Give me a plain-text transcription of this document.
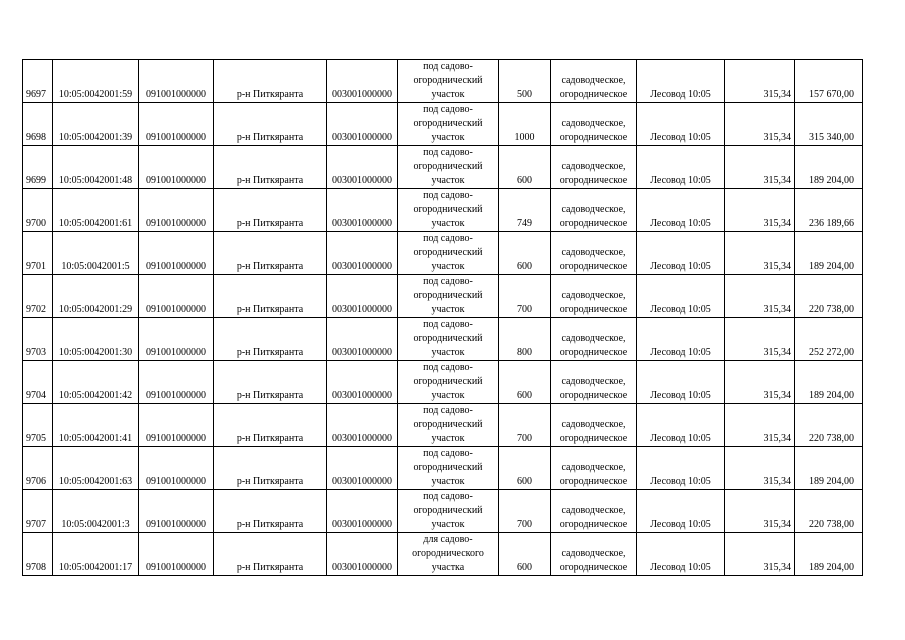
9697	10:05:0042001:59	091001000000	р-н Питкяранта	003001000000	под садово-
огороднический
участок	500	садоводческое,
огородническое	Лесовод 10:05	315,34	157 670,00
9698	10:05:0042001:39	091001000000	р-н Питкяранта	003001000000	под садово-
огороднический
участок	1000	садоводческое,
огородническое	Лесовод 10:05	315,34	315 340,00
9699	10:05:0042001:48	091001000000	р-н Питкяранта	003001000000	под садово-
огороднический
участок	600	садоводческое,
огородническое	Лесовод 10:05	315,34	189 204,00
9700	10:05:0042001:61	091001000000	р-н Питкяранта	003001000000	под садово-
огороднический
участок	749	садоводческое,
огородническое	Лесовод 10:05	315,34	236 189,66
9701	10:05:0042001:5	091001000000	р-н Питкяранта	003001000000	под садово-
огороднический
участок	600	садоводческое,
огородническое	Лесовод 10:05	315,34	189 204,00
9702	10:05:0042001:29	091001000000	р-н Питкяранта	003001000000	под садово-
огороднический
участок	700	садоводческое,
огородническое	Лесовод 10:05	315,34	220 738,00
9703	10:05:0042001:30	091001000000	р-н Питкяранта	003001000000	под садово-
огороднический
участок	800	садоводческое,
огородническое	Лесовод 10:05	315,34	252 272,00
9704	10:05:0042001:42	091001000000	р-н Питкяранта	003001000000	под садово-
огороднический
участок	600	садоводческое,
огородническое	Лесовод 10:05	315,34	189 204,00
9705	10:05:0042001:41	091001000000	р-н Питкяранта	003001000000	под садово-
огороднический
участок	700	садоводческое,
огородническое	Лесовод 10:05	315,34	220 738,00
9706	10:05:0042001:63	091001000000	р-н Питкяранта	003001000000	под садово-
огороднический
участок	600	садоводческое,
огородническое	Лесовод 10:05	315,34	189 204,00
9707	10:05:0042001:3	091001000000	р-н Питкяранта	003001000000	под садово-
огороднический
участок	700	садоводческое,
огородническое	Лесовод 10:05	315,34	220 738,00
9708	10:05:0042001:17	091001000000	р-н Питкяранта	003001000000	для садово-
огороднического
участка	600	садоводческое,
огородническое	Лесовод 10:05	315,34	189 204,00
